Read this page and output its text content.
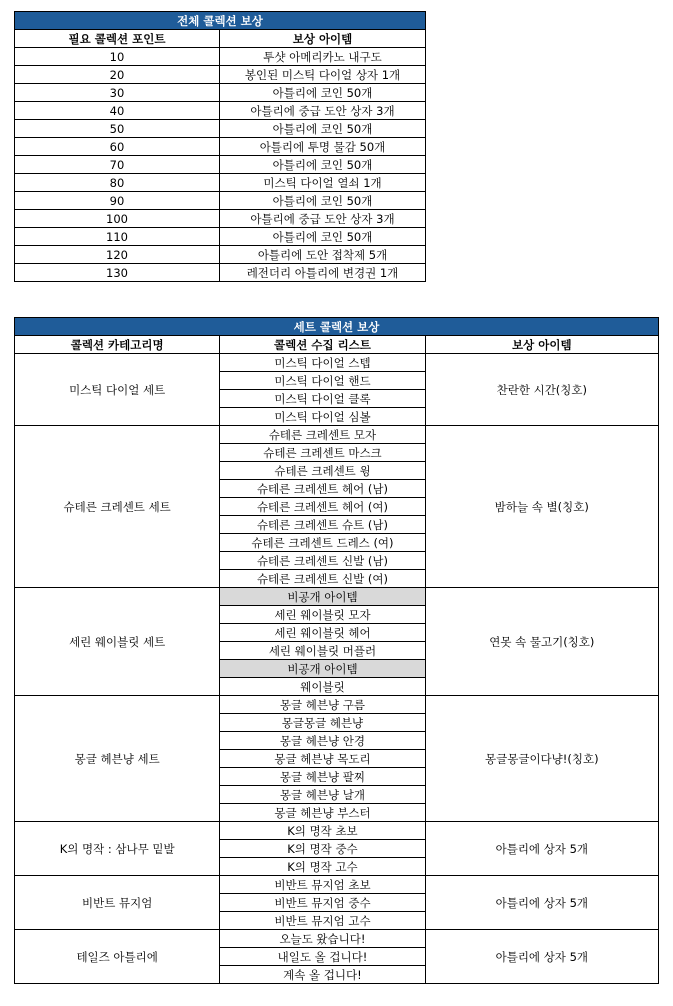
전체 콜렉션 보상	
필요 콜렉션 포인트	보상 아이템
10	투샷 아메리카노 내구도
20	봉인된 미스틱 다이얼 상자 1개
30	아틀리에 코인 50개
40	아틀리에 중급 도안 상자 3개
50	아틀리에 코인 50개
60	아틀리에 투명 물감 50개
70	아틀리에 코인 50개
80	미스틱 다이얼 열쇠 1개
90	아틀리에 코인 50개
100	아틀리에 중급 도안 상자 3개
110	아틀리에 코인 50개
120	아틀리에 도안 접착제 5개
130	레전더리 아틀리에 변경권 1개
세트 콜렉션 보상		
콜렉션 카테고리명	콜렉션 수집 리스트	보상 아이템
미스틱 다이얼 세트	미스틱 다이얼 스텝	찬란한 시간(칭호)
	미스틱 다이얼 핸드	
	미스틱 다이얼 클록	
	미스틱 다이얼 심볼	
슈테른 크레센트 세트	슈테른 크레센트 모자	밤하늘 속 별(칭호)
	슈테른 크레센트 마스크	
	슈테른 크레센트 윙	
	슈테른 크레센트 헤어 (남)	
	슈테른 크레센트 헤어 (여)	
	슈테른 크레센트 슈트 (남)	
	슈테른 크레센트 드레스 (여)	
	슈테른 크레센트 신발 (남)	
	슈테른 크레센트 신발 (여)	
세린 웨이블릿 세트	비공개 아이템	연못 속 물고기(칭호)
	세린 웨이블릿 모자	
	세린 웨이블릿 헤어	
	세린 웨이블릿 머플러	
	비공개 아이템	
	웨이블릿	
몽글 헤븐냥 세트	몽글 헤븐냥 구름	몽글몽글이다냥!(칭호)
	몽글몽글 헤븐냥	
	몽글 헤븐냥 안경	
	몽글 헤븐냥 목도리	
	몽글 헤븐냥 팔찌	
	몽글 헤븐냥 날개	
	몽글 헤븐냥 부스터	
K의 명작 : 삼나무 밑발	K의 명작 초보	아틀리에 상자 5개
	K의 명작 중수	
	K의 명작 고수	
비반트 뮤지엄	비반트 뮤지엄 초보	아틀리에 상자 5개
	비반트 뮤지엄 중수	
	비반트 뮤지엄 고수	
테일즈 아틀리에	오늘도 왔습니다!	아틀리에 상자 5개
	내일도 올 겁니다!	
	계속 올 겁니다!	
